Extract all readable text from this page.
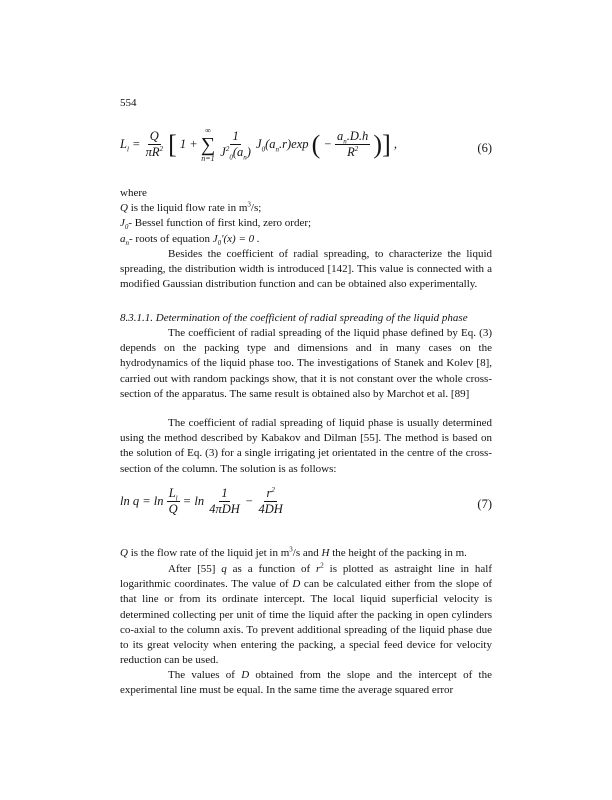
554
$L_l = \frac{Q}{\pi R^2}$ [ 1 +
∞
∑
n=1
$\frac{1}{J^2_0(a_n)} J_0(a_n.r)\exp$ ( − $\frac{a_n.D.h}{R^2}$ )] ,	(6)

where

Q is the liquid flow rate in $m^3/s$;

$J_0-$ Bessel function of first kind, zero order;

$a_n-$ roots of equation $J_0'(x) = 0$ .

Besides the coefficient of radial spreading, to characterize the liquid spreading, the distribution width is introduced [142]. This value is connected with a modified Gaussian distribution function and can be obtained also experimentally.

8.3.1.1. Determination of the coefficient of radial spreading of the liquid phase

The coefficient of radial spreading of the liquid phase defined by Eq. (3) depends on the packing type and dimensions and in many cases on the hydrodynamics of the liquid phase too. The investigations of Stanek and Kolev [8], carried out with random packings show, that it is not constant over the whole cross-section of the apparatus. The same result is obtained also by Marchot et al. [89]

The coefficient of radial spreading of liquid phase is usually determined using the method described by Kabakov and Dilman [55]. The method is based on the solution of Eq. (3) for a single irrigating jet orientated in the centre of the cross-section of the column. The solution is as follows:

$\ln q = \ln \frac{L_l}{Q} = \ln \frac{1}{\text{4πDH}} - \frac{r^2}{4DH}$	(7)

Q is the flow rate of the liquid jet in $m^3/s$ and H the height of the packing in m.

After [55] q as a function of $r^2$ is plotted as astraight line in half logarithmic coordinates. The value of D can be calculated either from the slope of that line or from its ordinate intercept. The local liquid superficial velocity is determined collecting per unit of time the liquid after the packing in open cylinders co-axial to the column axis. To prevent additional spreading of the liquid phase due to its great velocity when entering the packing, a special feed device for velocity reduction can be used.

The values of D obtained from the slope and the intercept of the experimental line must be equal. In the same time the average squared error
